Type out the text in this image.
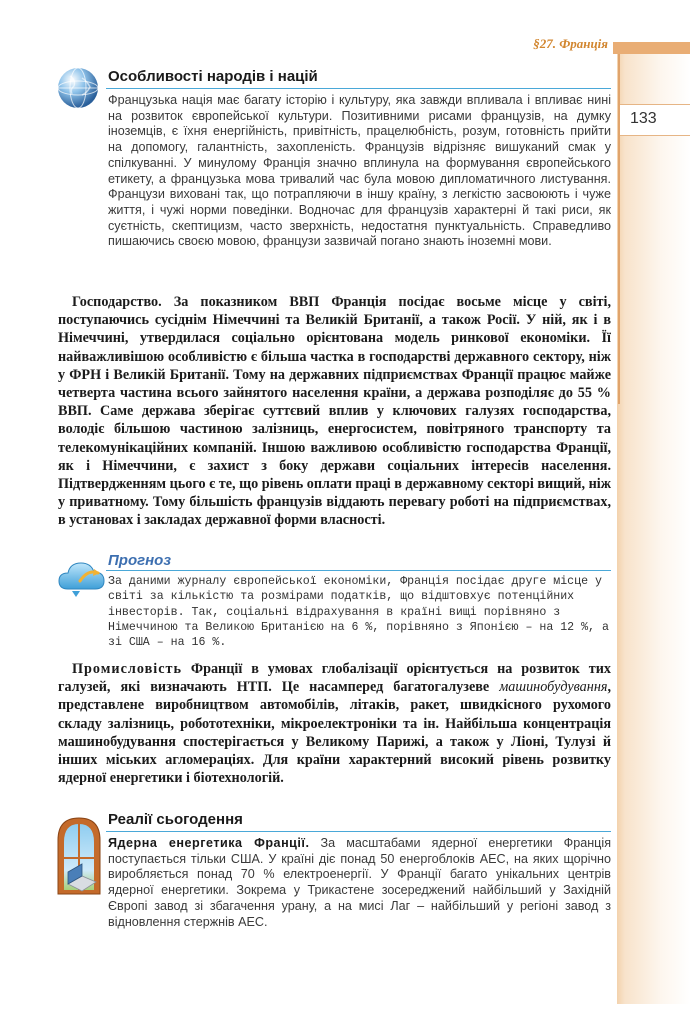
133
§27. Франція
Особливості народів і націй

Французька нація має багату історію і культуру, яка завжди впливала і впливає нині на розвиток європейської культури. Позитивними рисами французів, на думку іноземців, є їхня енергійність, привітність, працелюбність, розум, готовність прийти на допомогу, галантність, захопленість. Французів відрізняє вишуканий смак у спілкуванні. У минулому Франція значно вплинула на формування європейського етикету, а французька мова тривалий час була мовою дипломатичного листування. Французи виховані так, що потрапляючи в іншу країну, з легкістю засвоюють і чуже життя, і чужі норми поведінки. Водночас для французів характерні й такі риси, як суєтність, скептицизм, часто зверхність, недостатня пунктуальність. Справедливо пишаючись своєю мовою, французи зазвичай погано знають іноземні мови.

Господарство. За показником ВВП Франція посідає восьме місце у світі, поступаючись сусіднім Німеччині та Великій Британії, а також Росії. У ній, як і в Німеччині, утвердилася соціально орієнтована модель ринкової економіки. Її найважливішою особливістю є більша частка в господарстві державного сектору, ніж у ФРН і Великій Британії. Тому на державних підприємствах Франції працює майже четверта частина всього зайнятого населення країни, а держава розподіляє до 55 % ВВП. Саме держава зберігає суттєвий вплив у ключових галузях господарства, володіє більшою частиною залізниць, енергосистем, повітряного транспорту та телекомунікаційних компаній. Іншою важливою особливістю господарства Франції, як і Німеччини, є захист з боку держави соціальних інтересів населення. Підтвердженням цього є те, що рівень оплати праці в державному секторі вищий, ніж у приватному. Тому більшість французів віддають перевагу роботі на підприємствах, в установах і закладах державної форми власності.

Прогноз
За даними журналу європейської економіки, Франція посідає друге місце у світі за кількістю та розмірами податків, що відштовхує потенційних інвесторів. Так, соціальні відрахування в країні вищі порівняно з Німеччиною та Великою Британією на 6 %, порівняно з Японією – на 12 %, а зі США – на 16 %.

Промисловість Франції в умовах глобалізації орієнтується на розвиток тих галузей, які визначають НТП. Це насамперед багатогалузеве машинобудування, представлене виробництвом автомобілів, літаків, ракет, швидкісного рухомого складу залізниць, робототехніки, мікроелектроніки та ін. Найбільша концентрація машинобудування спостерігається у Великому Парижі, а також у Ліоні, Тулузі й інших міських агломераціях. Для країни характерний високий рівень розвитку ядерної енергетики і біотехнологій.

Реалії сьогодення

Ядерна енергетика Франції. За масштабами ядерної енергетики Франція поступається тільки США. У країні діє понад 50 енергоблоків АЕС, на яких щорічно виробляється понад 70 % електроенергії. У Франції багато унікальних центрів ядерної енергетики. Зокрема у Трикастене зосереджений найбільший у Західній Європі завод зі збагачення урану, а на мисі Лаг – найбільший у регіоні завод з відновлення стержнів АЕС.
